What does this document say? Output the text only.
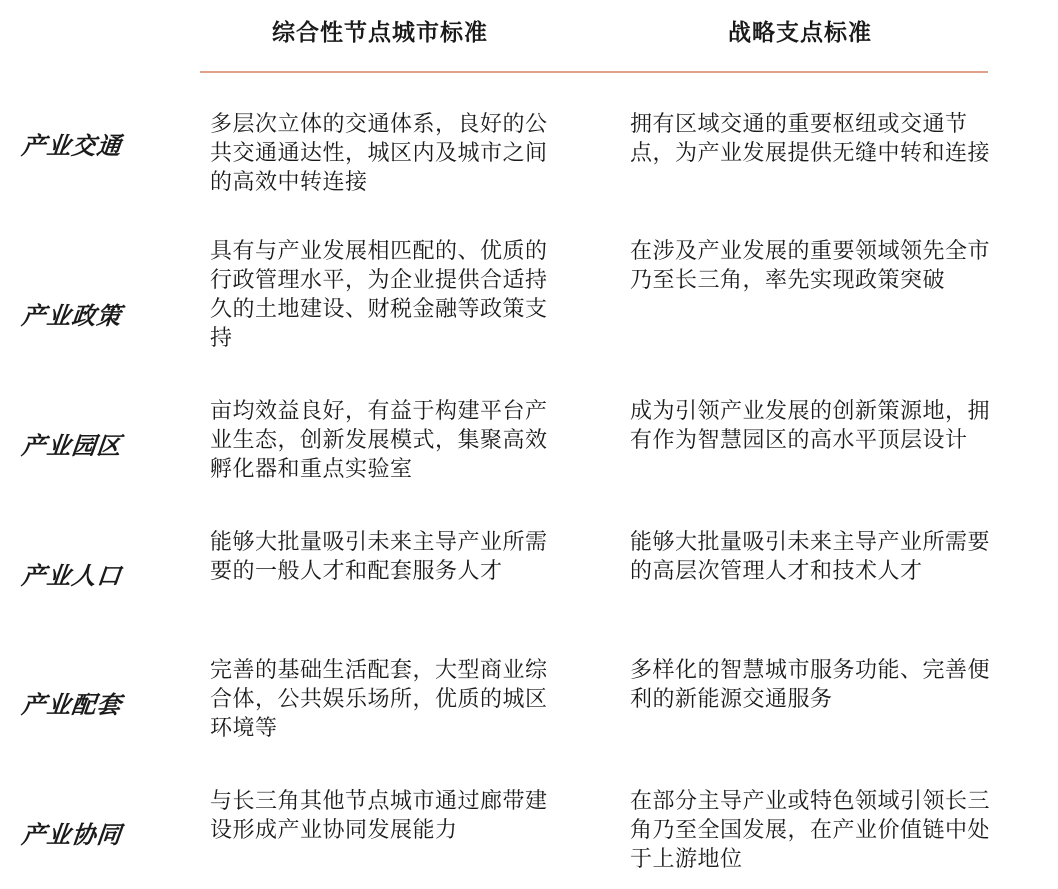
综合性节点城市标准	战略支点标准
产业交通
多层次立体的交通体系，良好的公共交通通达性，城区内及城市之间的高效中转连接
拥有区域交通的重要枢纽或交通节点，为产业发展提供无缝中转和连接
产业政策
具有与产业发展相匹配的、优质的行政管理水平，为企业提供合适持久的土地建设、财税金融等政策支持
在涉及产业发展的重要领域领先全市乃至长三角，率先实现政策突破
产业园区
亩均效益良好，有益于构建平台产业生态，创新发展模式，集聚高效孵化器和重点实验室
成为引领产业发展的创新策源地，拥有作为智慧园区的高水平顶层设计
产业人口
能够大批量吸引未来主导产业所需要的一般人才和配套服务人才
能够大批量吸引未来主导产业所需要的高层次管理人才和技术人才
产业配套
完善的基础生活配套，大型商业综合体，公共娱乐场所，优质的城区环境等
多样化的智慧城市服务功能、完善便利的新能源交通服务
产业协同
与长三角其他节点城市通过廊带建设形成产业协同发展能力
在部分主导产业或特色领域引领长三角乃至全国发展，在产业价值链中处于上游地位
